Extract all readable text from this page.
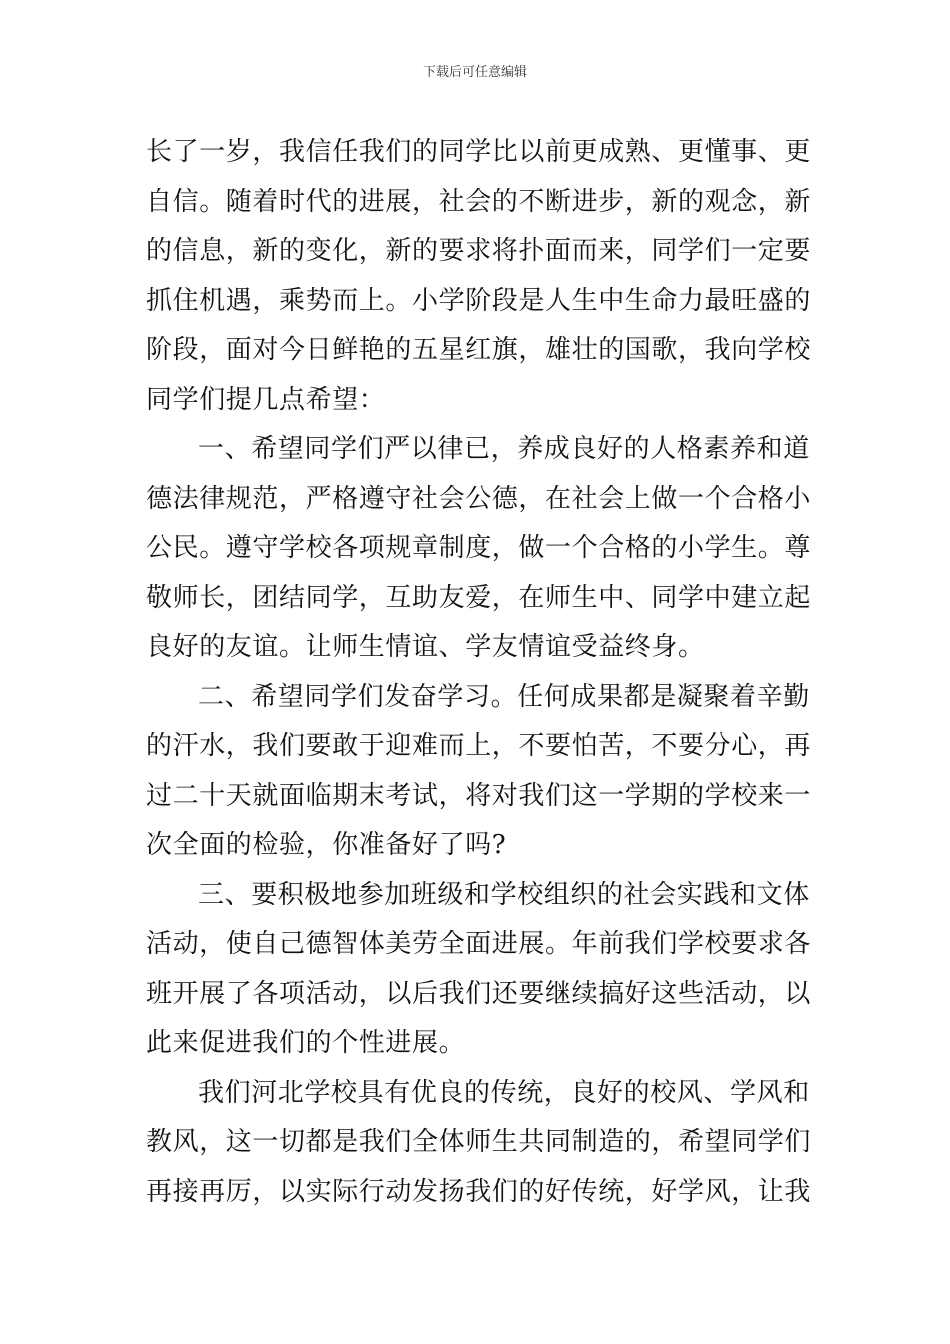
下载后可任意编辑
长了一岁，我信任我们的同学比以前更成熟、更懂事、更
自信。随着时代的进展，社会的不断进步，新的观念，新
的信息，新的变化，新的要求将扑面而来，同学们一定要
抓住机遇，乘势而上。小学阶段是人生中生命力最旺盛的
阶段，面对今日鲜艳的五星红旗，雄壮的国歌，我向学校
同学们提几点希望：
一、希望同学们严以律已，养成良好的人格素养和道
德法律规范，严格遵守社会公德，在社会上做一个合格小
公民。遵守学校各项规章制度，做一个合格的小学生。尊
敬师长，团结同学，互助友爱，在师生中、同学中建立起
良好的友谊。让师生情谊、学友情谊受益终身。
二、希望同学们发奋学习。任何成果都是凝聚着辛勤
的汗水，我们要敢于迎难而上，不要怕苦，不要分心，再
过二十天就面临期末考试，将对我们这一学期的学校来一
次全面的检验，你准备好了吗?
三、要积极地参加班级和学校组织的社会实践和文体
活动，使自己德智体美劳全面进展。年前我们学校要求各
班开展了各项活动，以后我们还要继续搞好这些活动，以
此来促进我们的个性进展。
我们河北学校具有优良的传统，良好的校风、学风和
教风，这一切都是我们全体师生共同制造的，希望同学们
再接再厉，以实际行动发扬我们的好传统，好学风，让我
